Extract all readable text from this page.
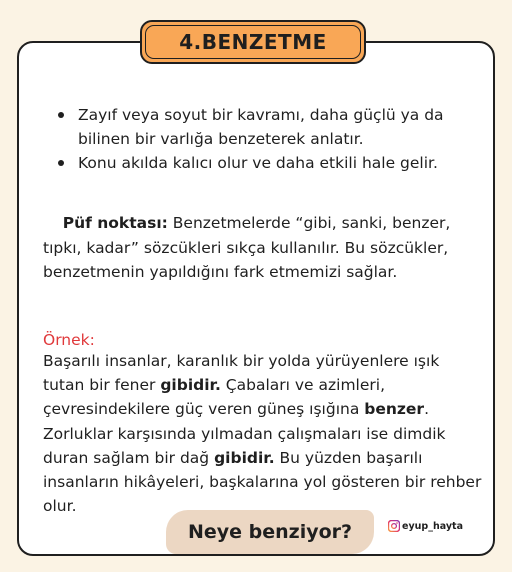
4.BENZETME
Zayıf veya soyut bir kavramı, daha güçlü ya da bilinen bir varlığa benzeterek anlatır.
Konu akılda kalıcı olur ve daha etkili hale gelir.

Püf noktası: Benzetmelerde “gibi, sanki, benzer, tıpkı, kadar” sözcükleri sıkça kullanılır. Bu sözcükler, benzetmenin yapıldığını fark etmemizi sağlar.

Örnek:

Başarılı insanlar, karanlık bir yolda yürüyenlere ışık tutan bir fener gibidir. Çabaları ve azimleri, çevresindekilere güç veren güneş ışığına benzer. Zorluklar karşısında yılmadan çalışmaları ise dimdik duran sağlam bir dağ gibidir. Bu yüzden başarılı insanların hikâyeleri, başkalarına yol gösteren bir rehber olur.

Neye benziyor?	eyup_hayta
